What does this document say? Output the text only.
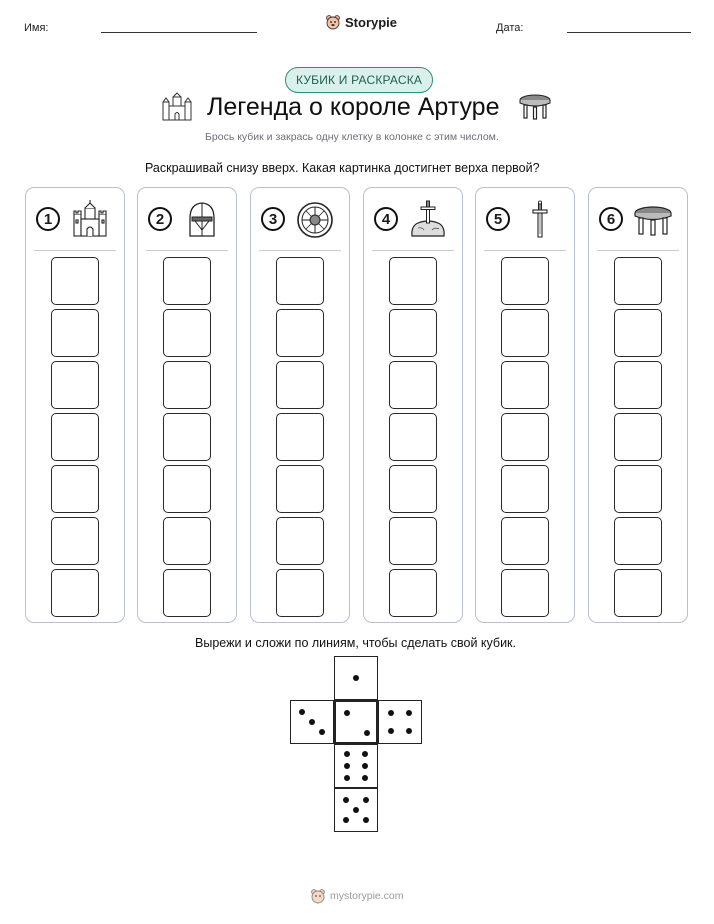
Имя:	Storypie	Дата:
КУБИК И РАСКРАСКА
Легенда о короле Артуре
Брось кубик и закрась одну клетку в колонке с этим числом.
Раскрашивай снизу вверх. Какая картинка достигнет верха первой?
1	2	3	4	5	6
Вырежи и сложи по линиям, чтобы сделать свой кубик.
mystorypie.com
